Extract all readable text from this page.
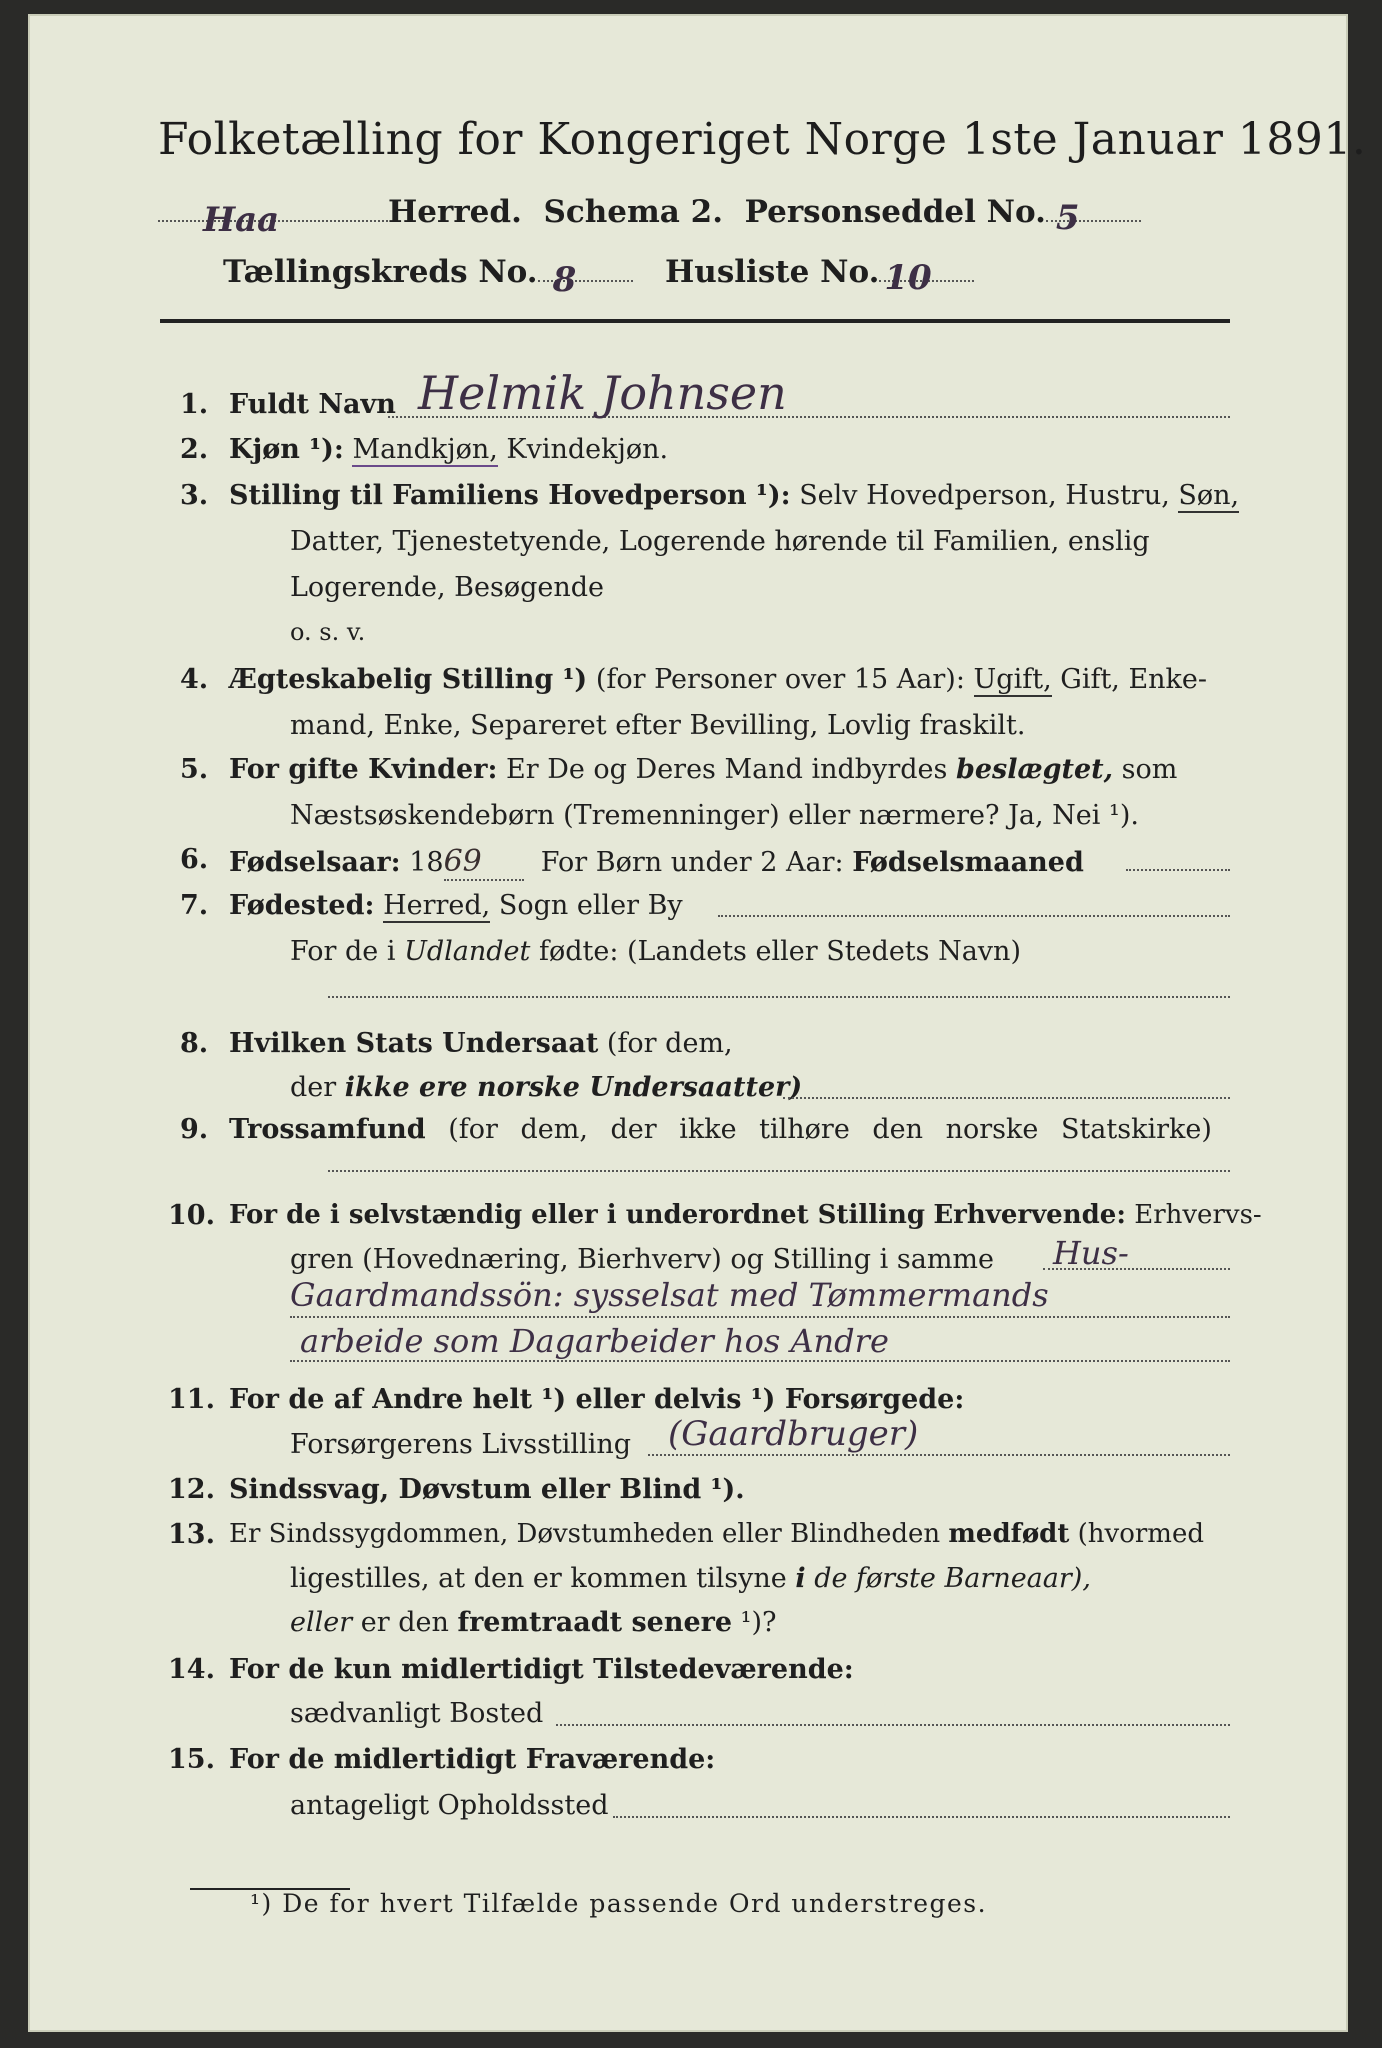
Folketælling for Kongeriget Norge 1ste Januar 1891.
Haa	Herred. Schema 2. Personseddel No. 5
Tællingskreds No. 8	Husliste No. 10
1. Fuldt Navn Helmik Johnsen
2. Kjøn ¹): Mandkjøn, Kvindekjøn.
3. Stilling til Familiens Hovedperson ¹): Selv Hovedperson, Hustru, Søn,
Datter, Tjenestetyende, Logerende hørende til Familien, enslig
Logerende, Besøgende
o. s. v.
4. Ægteskabelig Stilling ¹) (for Personer over 15 Aar): Ugift, Gift, Enke-
mand, Enke, Separeret efter Bevilling, Lovlig fraskilt.
5. For gifte Kvinder: Er De og Deres Mand indbyrdes beslægtet, som
Næstsøskendebørn (Tremenninger) eller nærmere? Ja, Nei ¹).
6. Fødselsaar: 1869 For Børn under 2 Aar: Fødselsmaaned
7. Fødested: Herred, Sogn eller By
For de i Udlandet fødte: (Landets eller Stedets Navn)
8. Hvilken Stats Undersaat (for dem,
der ikke ere norske Undersaatter)
9. Trossamfund (for dem, der ikke tilhøre den norske Statskirke)
10. For de i selvstændig eller i underordnet Stilling Erhvervende: Erhvervs-
gren (Hovednæring, Bierhverv) og Stilling i samme Hus-
Gaardmandssön: sysselsat med Tømmermands
arbeide som Dagarbeider hos Andre
11. For de af Andre helt ¹) eller delvis ¹) Forsørgede:
Forsørgerens Livsstilling (Gaardbruger)
12. Sindssvag, Døvstum eller Blind ¹).
13. Er Sindssygdommen, Døvstumheden eller Blindheden medfødt (hvormed
ligestilles, at den er kommen tilsyne i de første Barneaar),
eller er den fremtraadt senere ¹)?
14. For de kun midlertidigt Tilstedeværende:
sædvanligt Bosted
15. For de midlertidigt Fraværende:
antageligt Opholdssted
¹) De for hvert Tilfælde passende Ord understreges.
